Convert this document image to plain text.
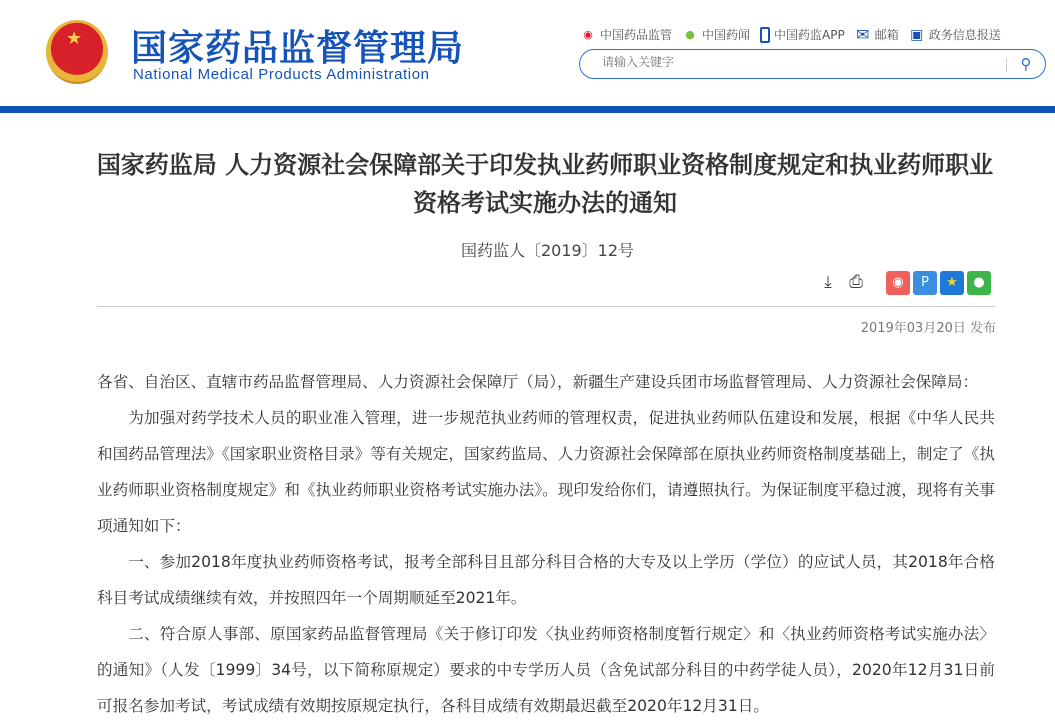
★ 国家药品监督管理局
National Medical Products Administration
◉ 中国药品监管 ● 中国药闻 中国药监APP ✉ 邮箱 ▣ 政务信息报送
请输入关键字
⚲
国家药监局 人力资源社会保障部关于印发执业药师职业资格制度规定和执业药师职业资格考试实施办法的通知
国药监人〔2019〕12号
⤓	⎙	◉	P	★	●
2019年03月20日 发布

各省、自治区、直辖市药品监督管理局、人力资源社会保障厅（局），新疆生产建设兵团市场监督管理局、人力资源社会保障局：

为加强对药学技术人员的职业准入管理，进一步规范执业药师的管理权责，促进执业药师队伍建设和发展，根据《中华人民共和国药品管理法》《国家职业资格目录》等有关规定，国家药监局、人力资源社会保障部在原执业药师资格制度基础上，制定了《执业药师职业资格制度规定》和《执业药师职业资格考试实施办法》。现印发给你们，请遵照执行。为保证制度平稳过渡，现将有关事项通知如下：

一、参加2018年度执业药师资格考试，报考全部科目且部分科目合格的大专及以上学历（学位）的应试人员，其2018年合格科目考试成绩继续有效，并按照四年一个周期顺延至2021年。

二、符合原人事部、原国家药品监督管理局《关于修订印发〈执业药师资格制度暂行规定〉和〈执业药师资格考试实施办法〉的通知》（人发〔1999〕34号，以下简称原规定）要求的中专学历人员（含免试部分科目的中药学徒人员），2020年12月31日前可报名参加考试，考试成绩有效期按原规定执行，各科目成绩有效期最迟截至2020年12月31日。
